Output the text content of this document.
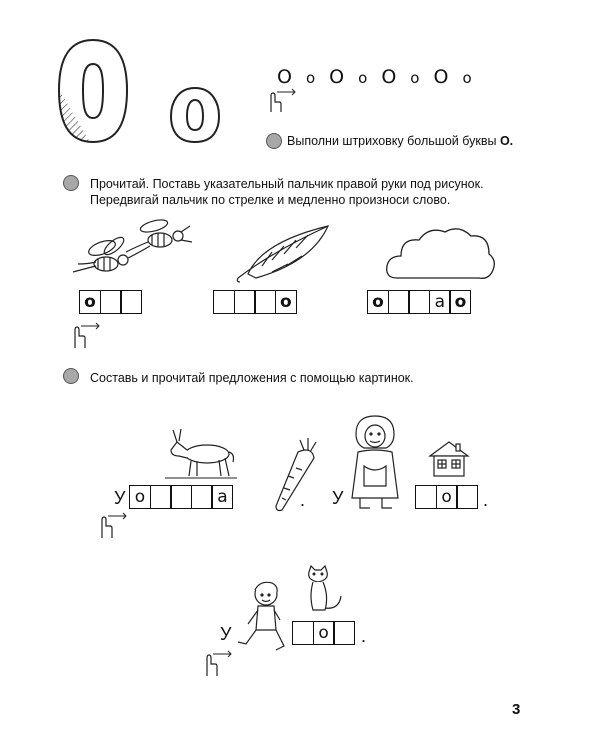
О о О о О о О о
Выполни штриховку большой буквы О.
Прочитай. Поставь указательный пальчик правой руки под рисунок.
Передвигай пальчик по стрелке и медленно произноси слово.
о	о	о	а о
Составь и прочитай предложения с помощью картинок.
У о	а	. У	о	.
У	о	.
3
